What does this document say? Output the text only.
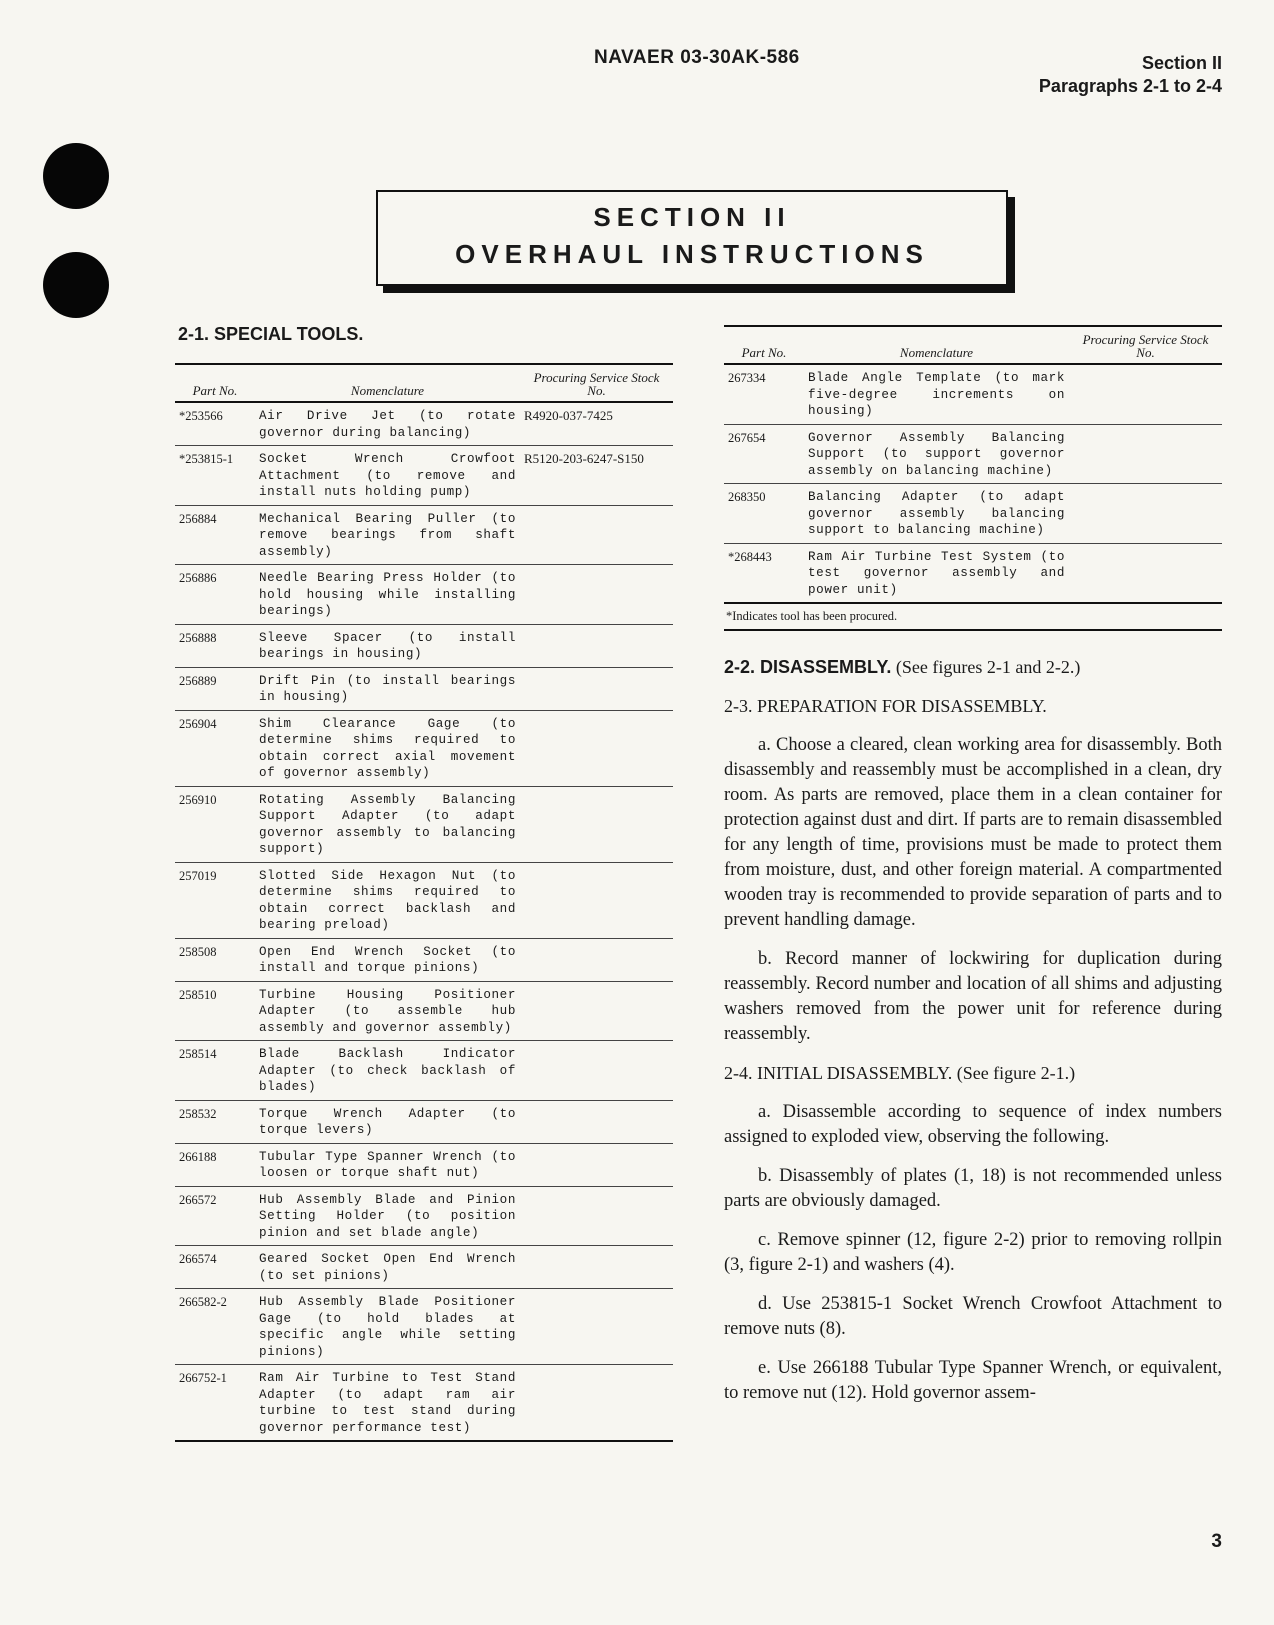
NAVAER 03-30AK-586	Section II
Paragraphs 2-1 to 2-4
SECTION II
OVERHAUL INSTRUCTIONS
2-1. SPECIAL TOOLS.
Part No.	Nomenclature	Procuring Service Stock No.
*253566	Air Drive Jet (to rotate governor during balancing)	R4920-037-7425
*253815-1	Socket Wrench Crowfoot Attachment (to remove and install nuts holding pump)	R5120-203-6247-S150
256884	Mechanical Bearing Puller (to remove bearings from shaft assembly)	
256886	Needle Bearing Press Holder (to hold housing while installing bearings)	
256888	Sleeve Spacer (to install bearings in housing)	
256889	Drift Pin (to install bearings in housing)	
256904	Shim Clearance Gage (to determine shims required to obtain correct axial movement of governor assembly)	
256910	Rotating Assembly Balancing Support Adapter (to adapt governor assembly to balancing support)	
257019	Slotted Side Hexagon Nut (to determine shims required to obtain correct backlash and bearing preload)	
258508	Open End Wrench Socket (to install and torque pinions)	
258510	Turbine Housing Positioner Adapter (to assemble hub assembly and governor assembly)	
258514	Blade Backlash Indicator Adapter (to check backlash of blades)	
258532	Torque Wrench Adapter (to torque levers)	
266188	Tubular Type Spanner Wrench (to loosen or torque shaft nut)	
266572	Hub Assembly Blade and Pinion Setting Holder (to position pinion and set blade angle)	
266574	Geared Socket Open End Wrench (to set pinions)	
266582-2	Hub Assembly Blade Positioner Gage (to hold blades at specific angle while setting pinions)	
266752-1	Ram Air Turbine to Test Stand Adapter (to adapt ram air turbine to test stand during governor performance test)	
Part No.	Nomenclature	Procuring Service Stock No.
267334	Blade Angle Template (to mark five-degree increments on housing)	
267654	Governor Assembly Balancing Support (to support governor assembly on balancing machine)	
268350	Balancing Adapter (to adapt governor assembly balancing support to balancing machine)	
*268443	Ram Air Turbine Test System (to test governor assembly and power unit)	
*Indicates tool has been procured.

2-2. DISASSEMBLY. (See figures 2-1 and 2-2.)

2-3. PREPARATION FOR DISASSEMBLY.

a. Choose a cleared, clean working area for disassembly. Both disassembly and reassembly must be accomplished in a clean, dry room. As parts are removed, place them in a clean container for protection against dust and dirt. If parts are to remain disassembled for any length of time, provisions must be made to protect them from moisture, dust, and other foreign material. A compartmented wooden tray is recommended to provide separation of parts and to prevent handling damage.

b. Record manner of lockwiring for duplication during reassembly. Record number and location of all shims and adjusting washers removed from the power unit for reference during reassembly.

2-4. INITIAL DISASSEMBLY. (See figure 2-1.)

a. Disassemble according to sequence of index numbers assigned to exploded view, observing the following.

b. Disassembly of plates (1, 18) is not recommended unless parts are obviously damaged.

c. Remove spinner (12, figure 2-2) prior to removing rollpin (3, figure 2-1) and washers (4).

d. Use 253815-1 Socket Wrench Crowfoot Attachment to remove nuts (8).

e. Use 266188 Tubular Type Spanner Wrench, or equivalent, to remove nut (12). Hold governor assem-

3
